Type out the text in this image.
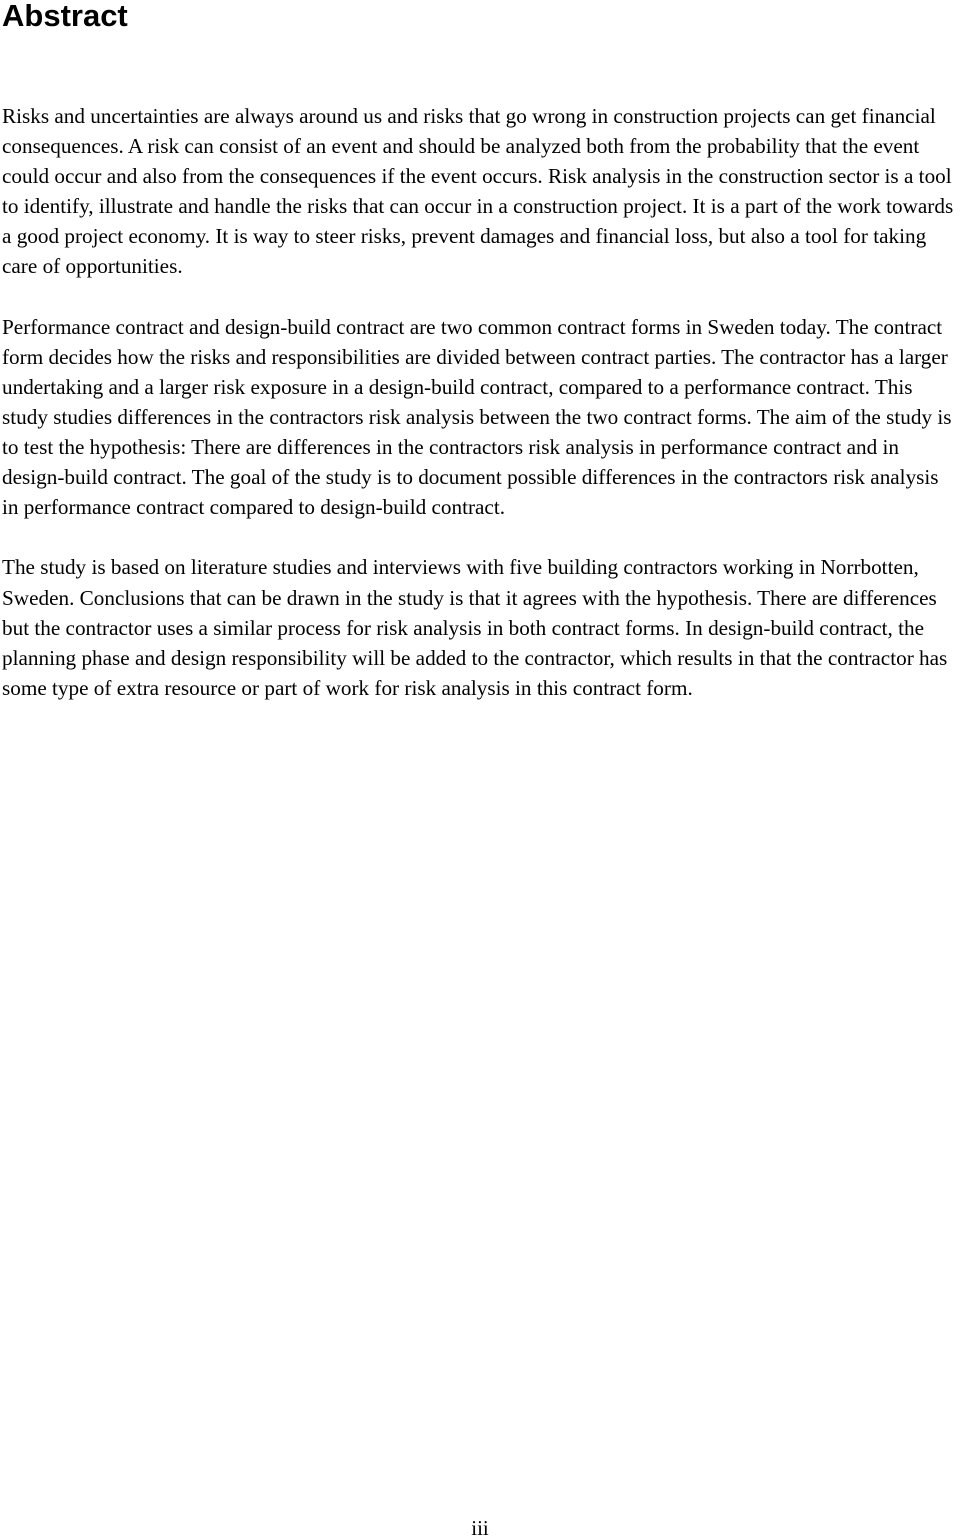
Abstract

Risks and uncertainties are always around us and risks that go wrong in construction projects can get financial consequences. A risk can consist of an event and should be analyzed both from the probability that the event could occur and also from the consequences if the event occurs. Risk analysis in the construction sector is a tool to identify, illustrate and handle the risks that can occur in a construction project. It is a part of the work towards a good project economy. It is way to steer risks, prevent damages and financial loss, but also a tool for taking care of opportunities.

Performance contract and design-build contract are two common contract forms in Sweden today. The contract form decides how the risks and responsibilities are divided between contract parties. The contractor has a larger undertaking and a larger risk exposure in a design-build contract, compared to a performance contract. This study studies differences in the contractors risk analysis between the two contract forms. The aim of the study is to test the hypothesis: There are differences in the contractors risk analysis in performance contract and in design-build contract. The goal of the study is to document possible differences in the contractors risk analysis in performance contract compared to design-build contract.

The study is based on literature studies and interviews with five building contractors working in Norrbotten, Sweden. Conclusions that can be drawn in the study is that it agrees with the hypothesis. There are differences but the contractor uses a similar process for risk analysis in both contract forms. In design-build contract, the planning phase and design responsibility will be added to the contractor, which results in that the contractor has some type of extra resource or part of work for risk analysis in this contract form.

iii
